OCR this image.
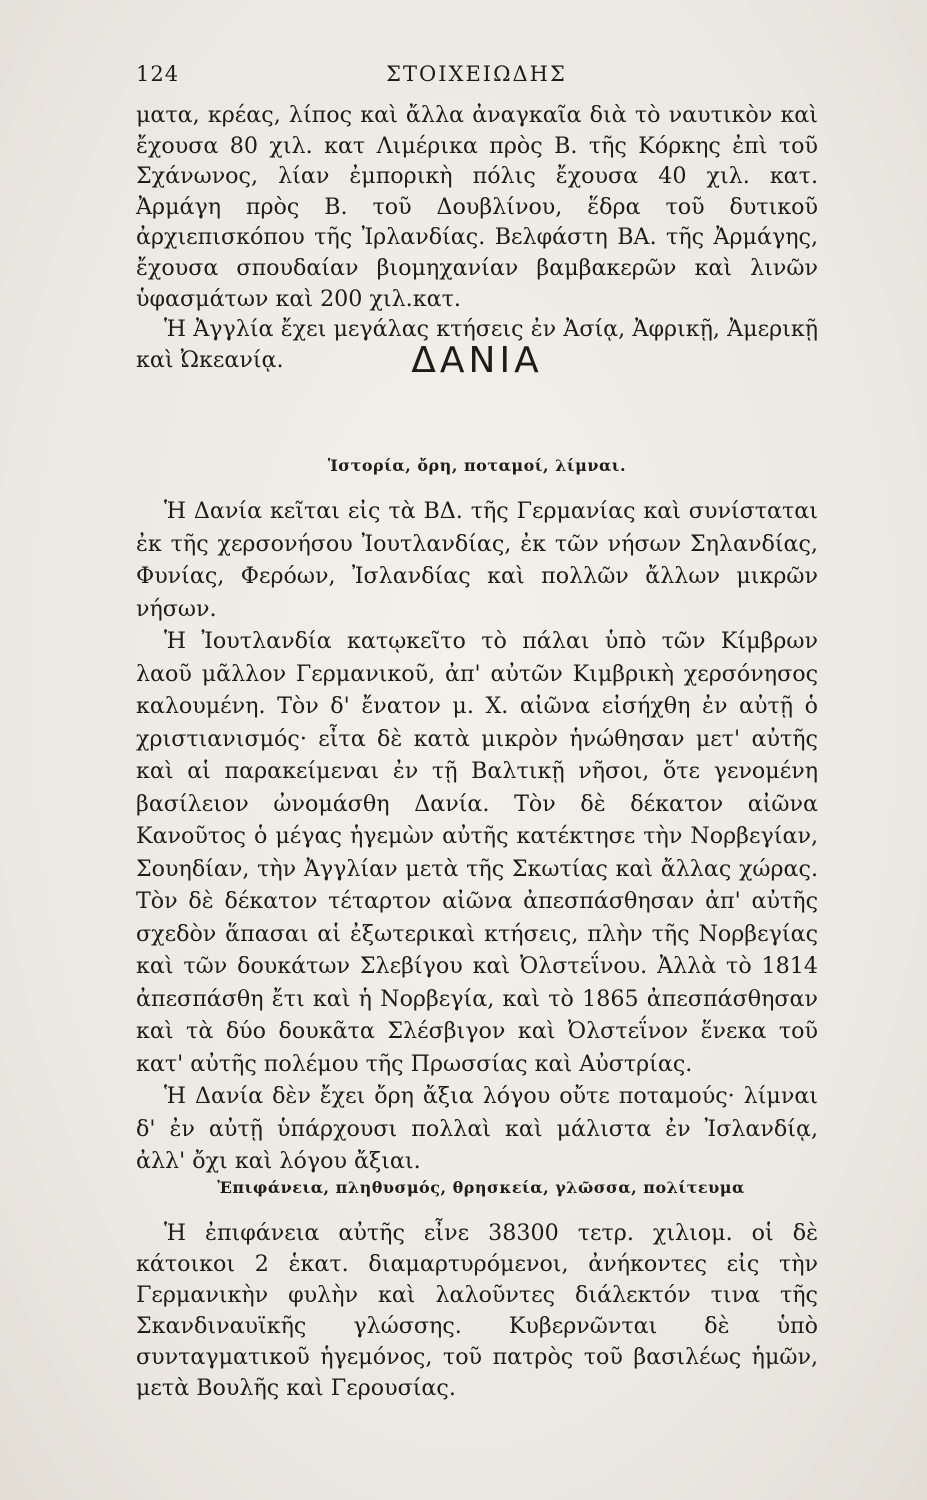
124	ΣΤΟΙΧΕΙΩΔΗΣ

ματα, κρέας, λίπος καὶ ἄλλα ἀναγκαῖα διὰ τὸ ναυτικὸν καὶ ἔχουσα 80 χιλ. κατ Λιμέρικα πρὸς Β. τῆς Κόρκης ἐπὶ τοῦ Σχάνωνος, λίαν ἐμπορικὴ πόλις ἔχουσα 40 χιλ. κατ. Ἀρμάγη πρὸς Β. τοῦ Δουβλίνου, ἕδρα τοῦ δυτικοῦ ἀρχιεπισκόπου τῆς Ἰρλανδίας. Βελφάστη ΒΑ. τῆς Ἀρμάγης, ἔχουσα σπουδαίαν βιομηχανίαν βαμβακερῶν καὶ λινῶν ὑφασμάτων καὶ 200 χιλ.κατ.

Ἡ Ἀγγλία ἔχει μεγάλας κτήσεις ἐν Ἀσίᾳ, Ἀφρικῇ, Ἀμερικῇ καὶ Ὠκεανίᾳ.	ΔΑΝΙΑ
Ἱστορία, ὄρη, ποταμοί, λίμναι.

Ἡ Δανία κεῖται εἰς τὰ ΒΔ. τῆς Γερμανίας καὶ συνίσταται ἐκ τῆς χερσονήσου Ἰουτλανδίας, ἐκ τῶν νήσων Σηλανδίας, Φυνίας, Φερόων, Ἰσλανδίας καὶ πολλῶν ἄλλων μικρῶν νήσων.

Ἡ Ἰουτλανδία κατῳκεῖτο τὸ πάλαι ὑπὸ τῶν Κίμβρων λαοῦ μᾶλλον Γερμανικοῦ, ἀπ' αὐτῶν Κιμβρικὴ χερσόνησος καλουμένη. Τὸν δ' ἔνατον μ. Χ. αἰῶνα εἰσήχθη ἐν αὐτῇ ὁ χριστιανισμός· εἶτα δὲ κατὰ μικρὸν ἡνώθησαν μετ' αὐτῆς καὶ αἱ παρακείμεναι ἐν τῇ Βαλτικῇ νῆσοι, ὅτε γενομένη βασίλειον ὠνομάσθη Δανία. Τὸν δὲ δέκατον αἰῶνα Κανοῦτος ὁ μέγας ἡγεμὼν αὐτῆς κατέκτησε τὴν Νορβεγίαν, Σουηδίαν, τὴν Ἀγγλίαν μετὰ τῆς Σκωτίας καὶ ἄλλας χώρας. Τὸν δὲ δέκατον τέταρτον αἰῶνα ἀπεσπάσθησαν ἀπ' αὐτῆς σχεδὸν ἅπασαι αἱ ἐξωτερικαὶ κτήσεις, πλὴν τῆς Νορβεγίας καὶ τῶν δουκάτων Σλεβίγου καὶ Ὀλστεΐνου. Ἀλλὰ τὸ 1814 ἀπεσπάσθη ἔτι καὶ ἡ Νορβεγία, καὶ τὸ 1865 ἀπεσπάσθησαν καὶ τὰ δύο δουκᾶτα Σλέσβιγον καὶ Ὀλστεΐνον ἕνεκα τοῦ κατ' αὐτῆς πολέμου τῆς Πρωσσίας καὶ Αὐστρίας.

Ἡ Δανία δὲν ἔχει ὄρη ἄξια λόγου οὔτε ποταμούς· λίμναι δ' ἐν αὐτῇ ὑπάρχουσι πολλαὶ καὶ μάλιστα ἐν Ἰσλανδίᾳ, ἀλλ' ὄχι καὶ λόγου ἄξιαι.

Ἐπιφάνεια, πληθυσμός, θρησκεία, γλῶσσα, πολίτευμα

Ἡ ἐπιφάνεια αὐτῆς εἶνε 38300 τετρ. χιλιομ. οἱ δὲ κάτοικοι 2 ἑκατ. διαμαρτυρόμενοι, ἀνήκοντες εἰς τὴν Γερμανικὴν φυλὴν καὶ λαλοῦντες διάλεκτόν τινα τῆς Σκανδιναυϊκῆς γλώσσης. Κυβερνῶνται δὲ ὑπὸ συνταγματικοῦ ἡγεμόνος, τοῦ πατρὸς τοῦ βασιλέως ἡμῶν, μετὰ Βουλῆς καὶ Γερουσίας.
